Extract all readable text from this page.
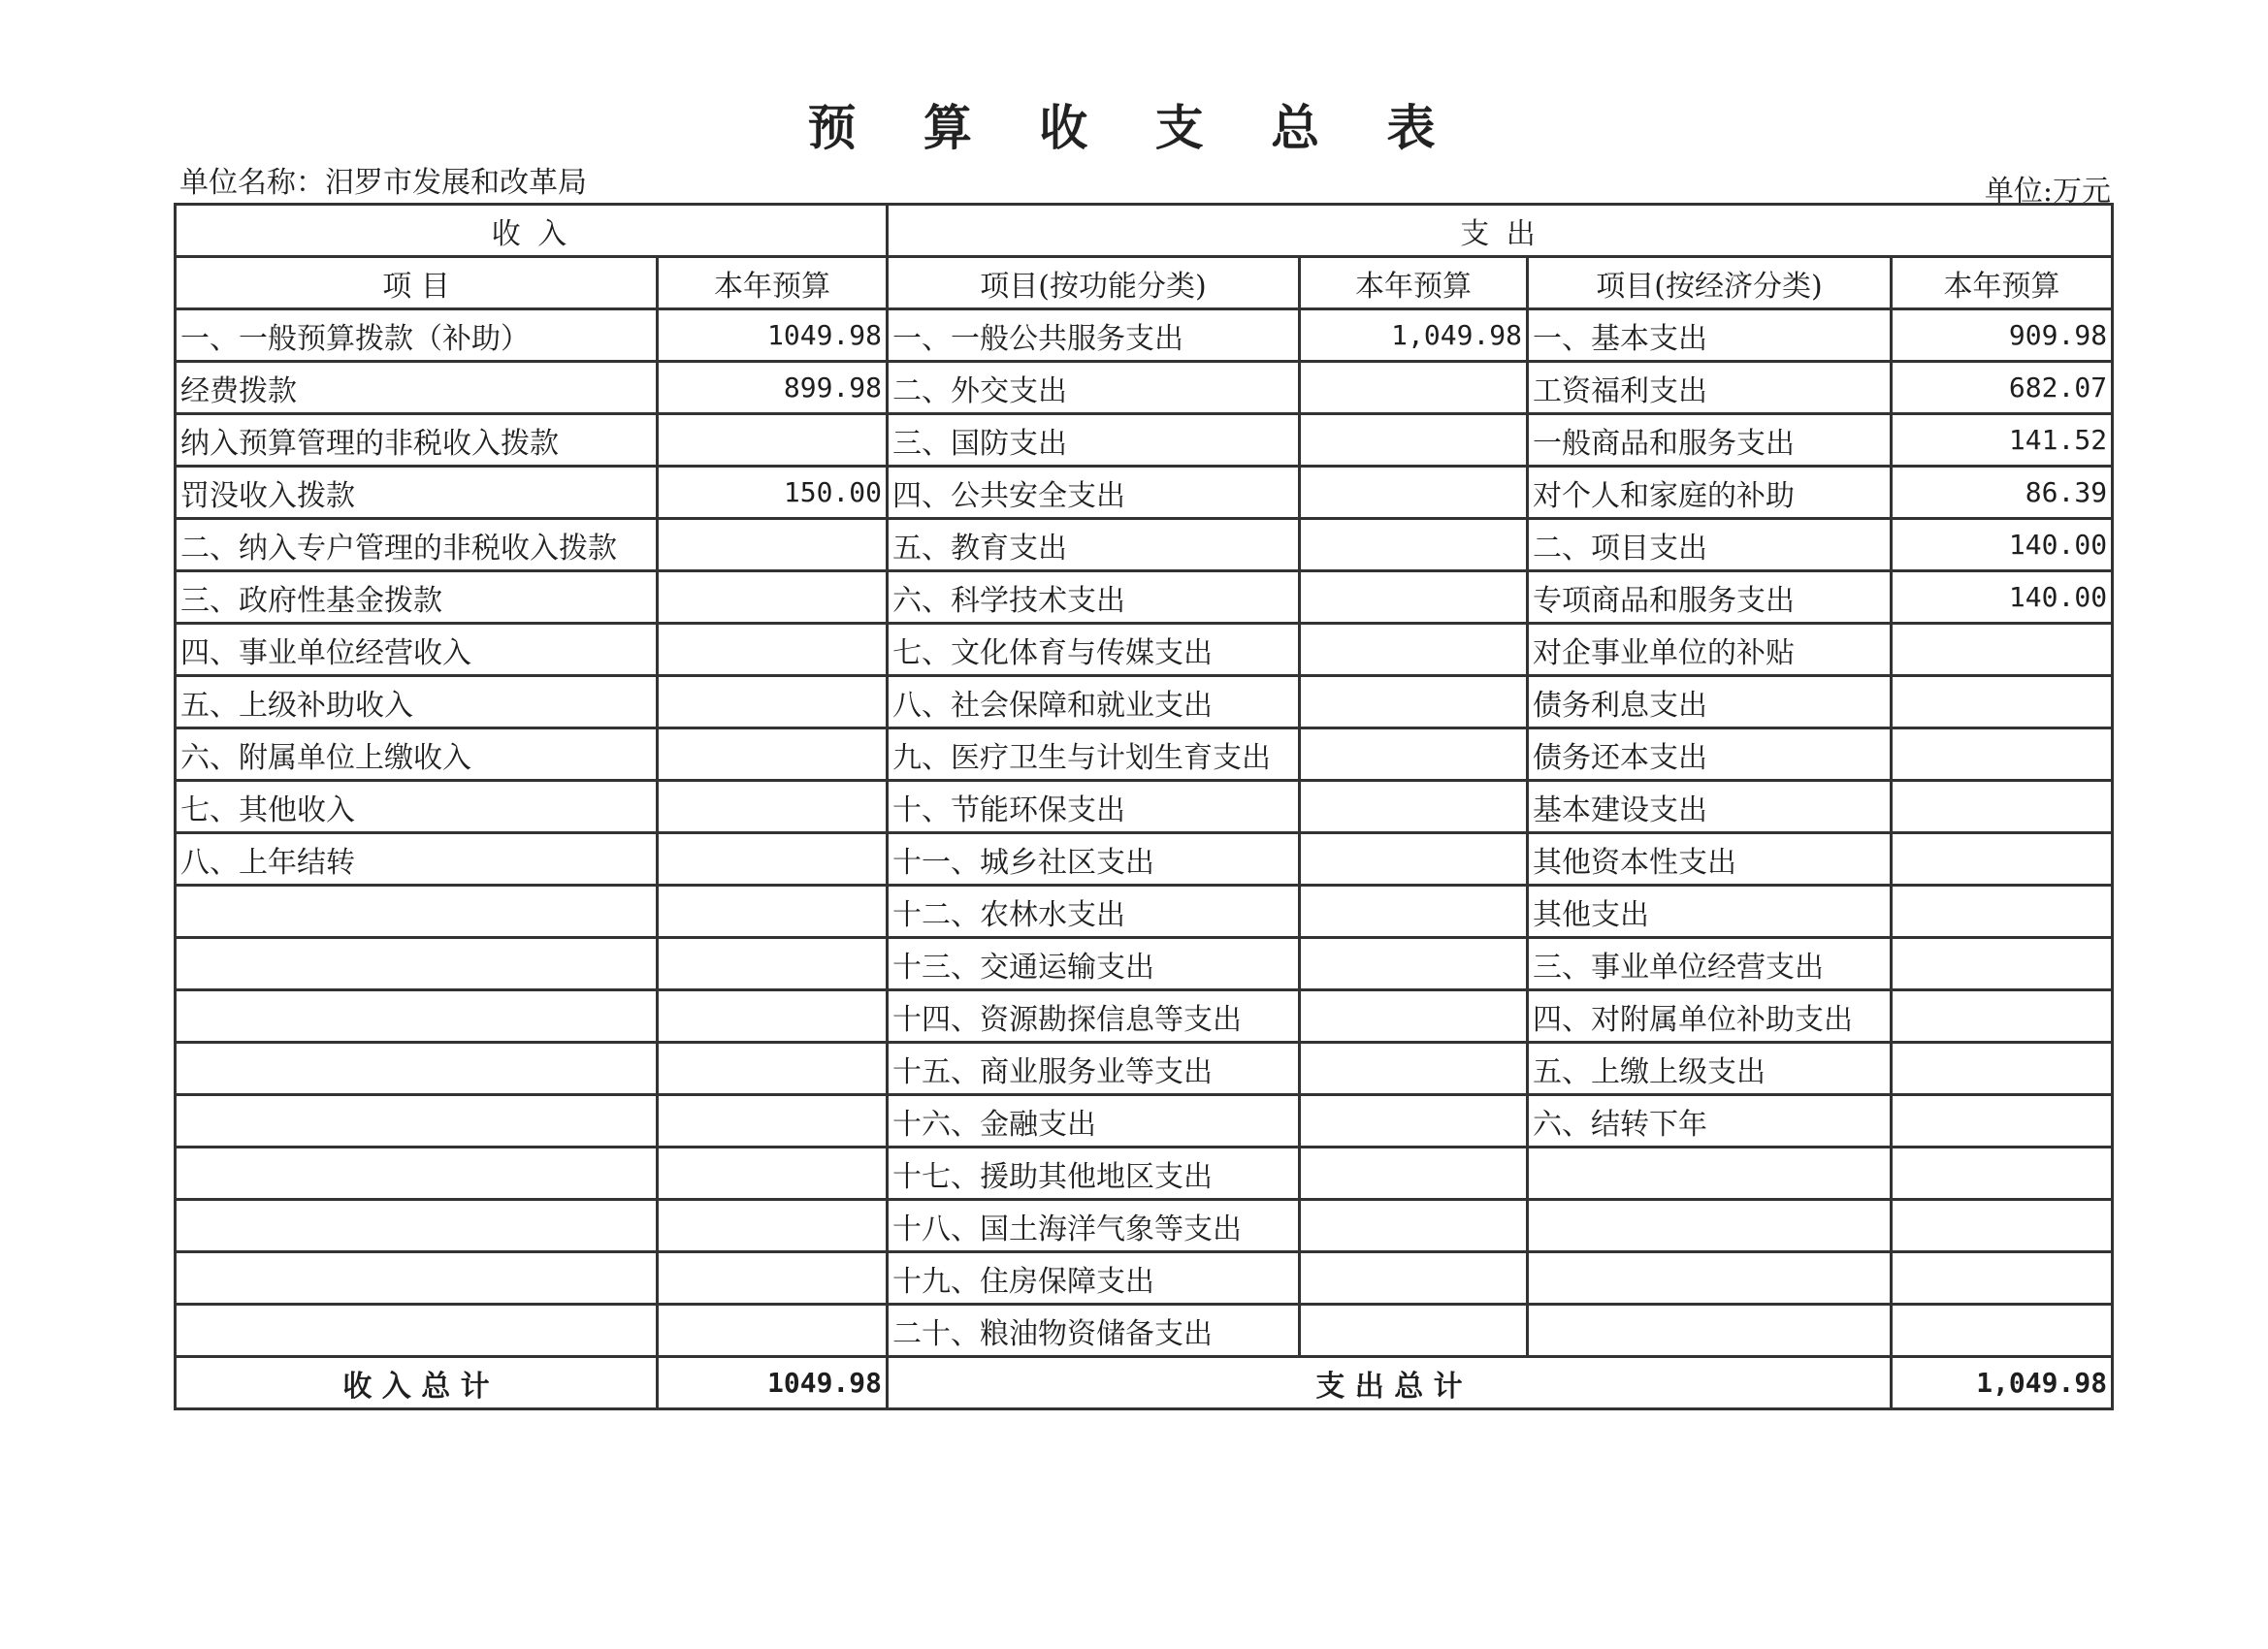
预 算 收 支 总 表
单位名称：汨罗市发展和改革局	单位:万元
收 入		支 出			
项 目	本年预算	项目(按功能分类)	本年预算	项目(按经济分类)	本年预算
一、一般预算拨款（补助）	1049.98	一、一般公共服务支出	1,049.98	一、基本支出	909.98
经费拨款	899.98	二、外交支出		工资福利支出	682.07
纳入预算管理的非税收入拨款		三、国防支出		一般商品和服务支出	141.52
罚没收入拨款	150.00	四、公共安全支出		对个人和家庭的补助	86.39
二、纳入专户管理的非税收入拨款		五、教育支出		二、项目支出	140.00
三、政府性基金拨款		六、科学技术支出		专项商品和服务支出	140.00
四、事业单位经营收入		七、文化体育与传媒支出		对企事业单位的补贴	
五、上级补助收入		八、社会保障和就业支出		债务利息支出	
六、附属单位上缴收入		九、医疗卫生与计划生育支出		债务还本支出	
七、其他收入		十、节能环保支出		基本建设支出	
八、上年结转		十一、城乡社区支出		其他资本性支出	
		十二、农林水支出		其他支出	
		十三、交通运输支出		三、事业单位经营支出	
		十四、资源勘探信息等支出		四、对附属单位补助支出	
		十五、商业服务业等支出		五、上缴上级支出	
		十六、金融支出		六、结转下年	
		十七、援助其他地区支出			
		十八、国土海洋气象等支出			
		十九、住房保障支出			
		二十、粮油物资储备支出			
收 入 总 计	1049.98	支 出 总 计			1,049.98
